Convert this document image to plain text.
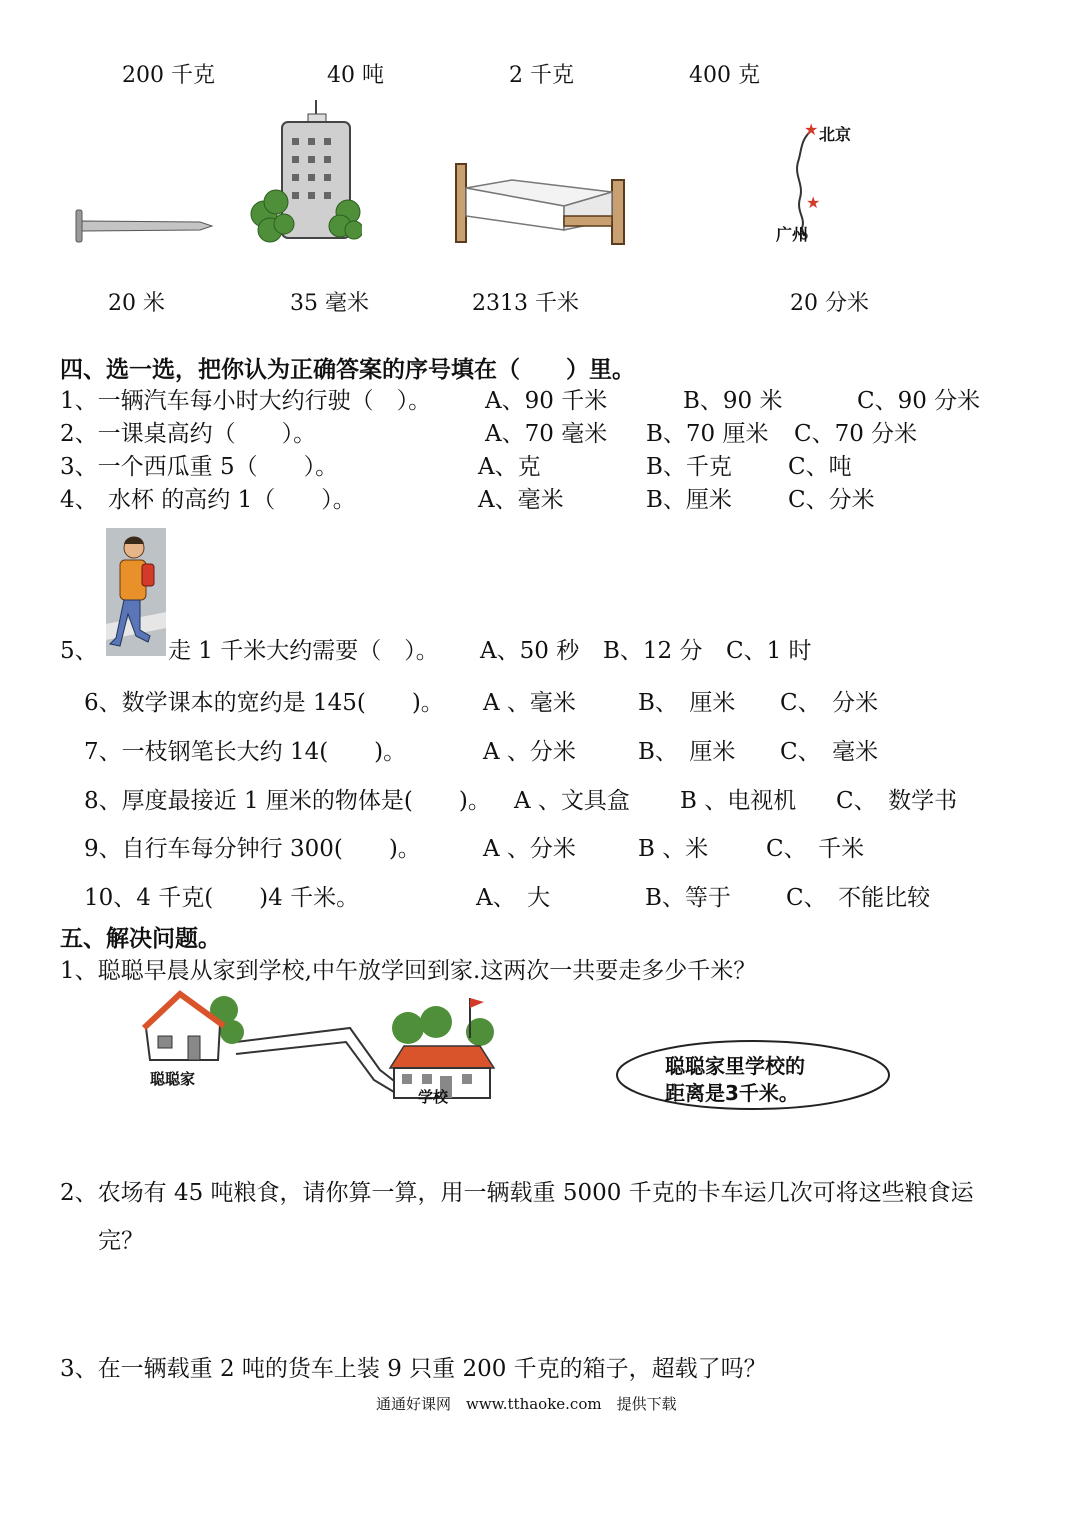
200 千克	40 吨	2 千克	400 克
★
★ 北京
广州
20 米	35 毫米	2313 千米	20 分米
四、选一选，把你认为正确答案的序号填在（　　）里。
1、一辆汽车每小时大约行驶（　）。 A、90 千米	B、90 米	C、90 分米
2、一课桌高约（　　）。	A、70 毫米 B、70 厘米 C、70 分米
3、一个西瓜重 5（　　）。	A、克	B、千克 C、吨
4、 水杯 的高约 1（　　）。	A、毫米	B、厘米 C、分米
5、	走 1 千米大约需要（　）。 A、50 秒 B、12 分 C、1 时
6、数学课本的宽约是 145(　　)。 A 、毫米	B、　厘米 C、　分米
7、一枝钢笔长大约 14(　　)。	A 、分米	B、　厘米 C、　毫米
8、厚度最接近 1 厘米的物体是(　　)。 A 、文具盒 B 、电视机 C、　数学书
9、自行车每分钟行 300(　　)。	A 、分米	B 、米	C、　千米
10、4 千克(　　)4 千米。	A、　大	B、等于 C、　不能比较
五、解决问题。
1、聪聪早晨从家到学校,中午放学回到家.这两次一共要走多少千米？
聪聪家
学校
聪聪家里学校的
距离是3千米。
2、农场有 45 吨粮食，请你算一算，用一辆载重 5000 千克的卡车运几次可将这些粮食运
完？
3、在一辆载重 2 吨的货车上装 9 只重 200 千克的箱子，超载了吗？
通通好课网　www.tthaoke.com　提供下载
